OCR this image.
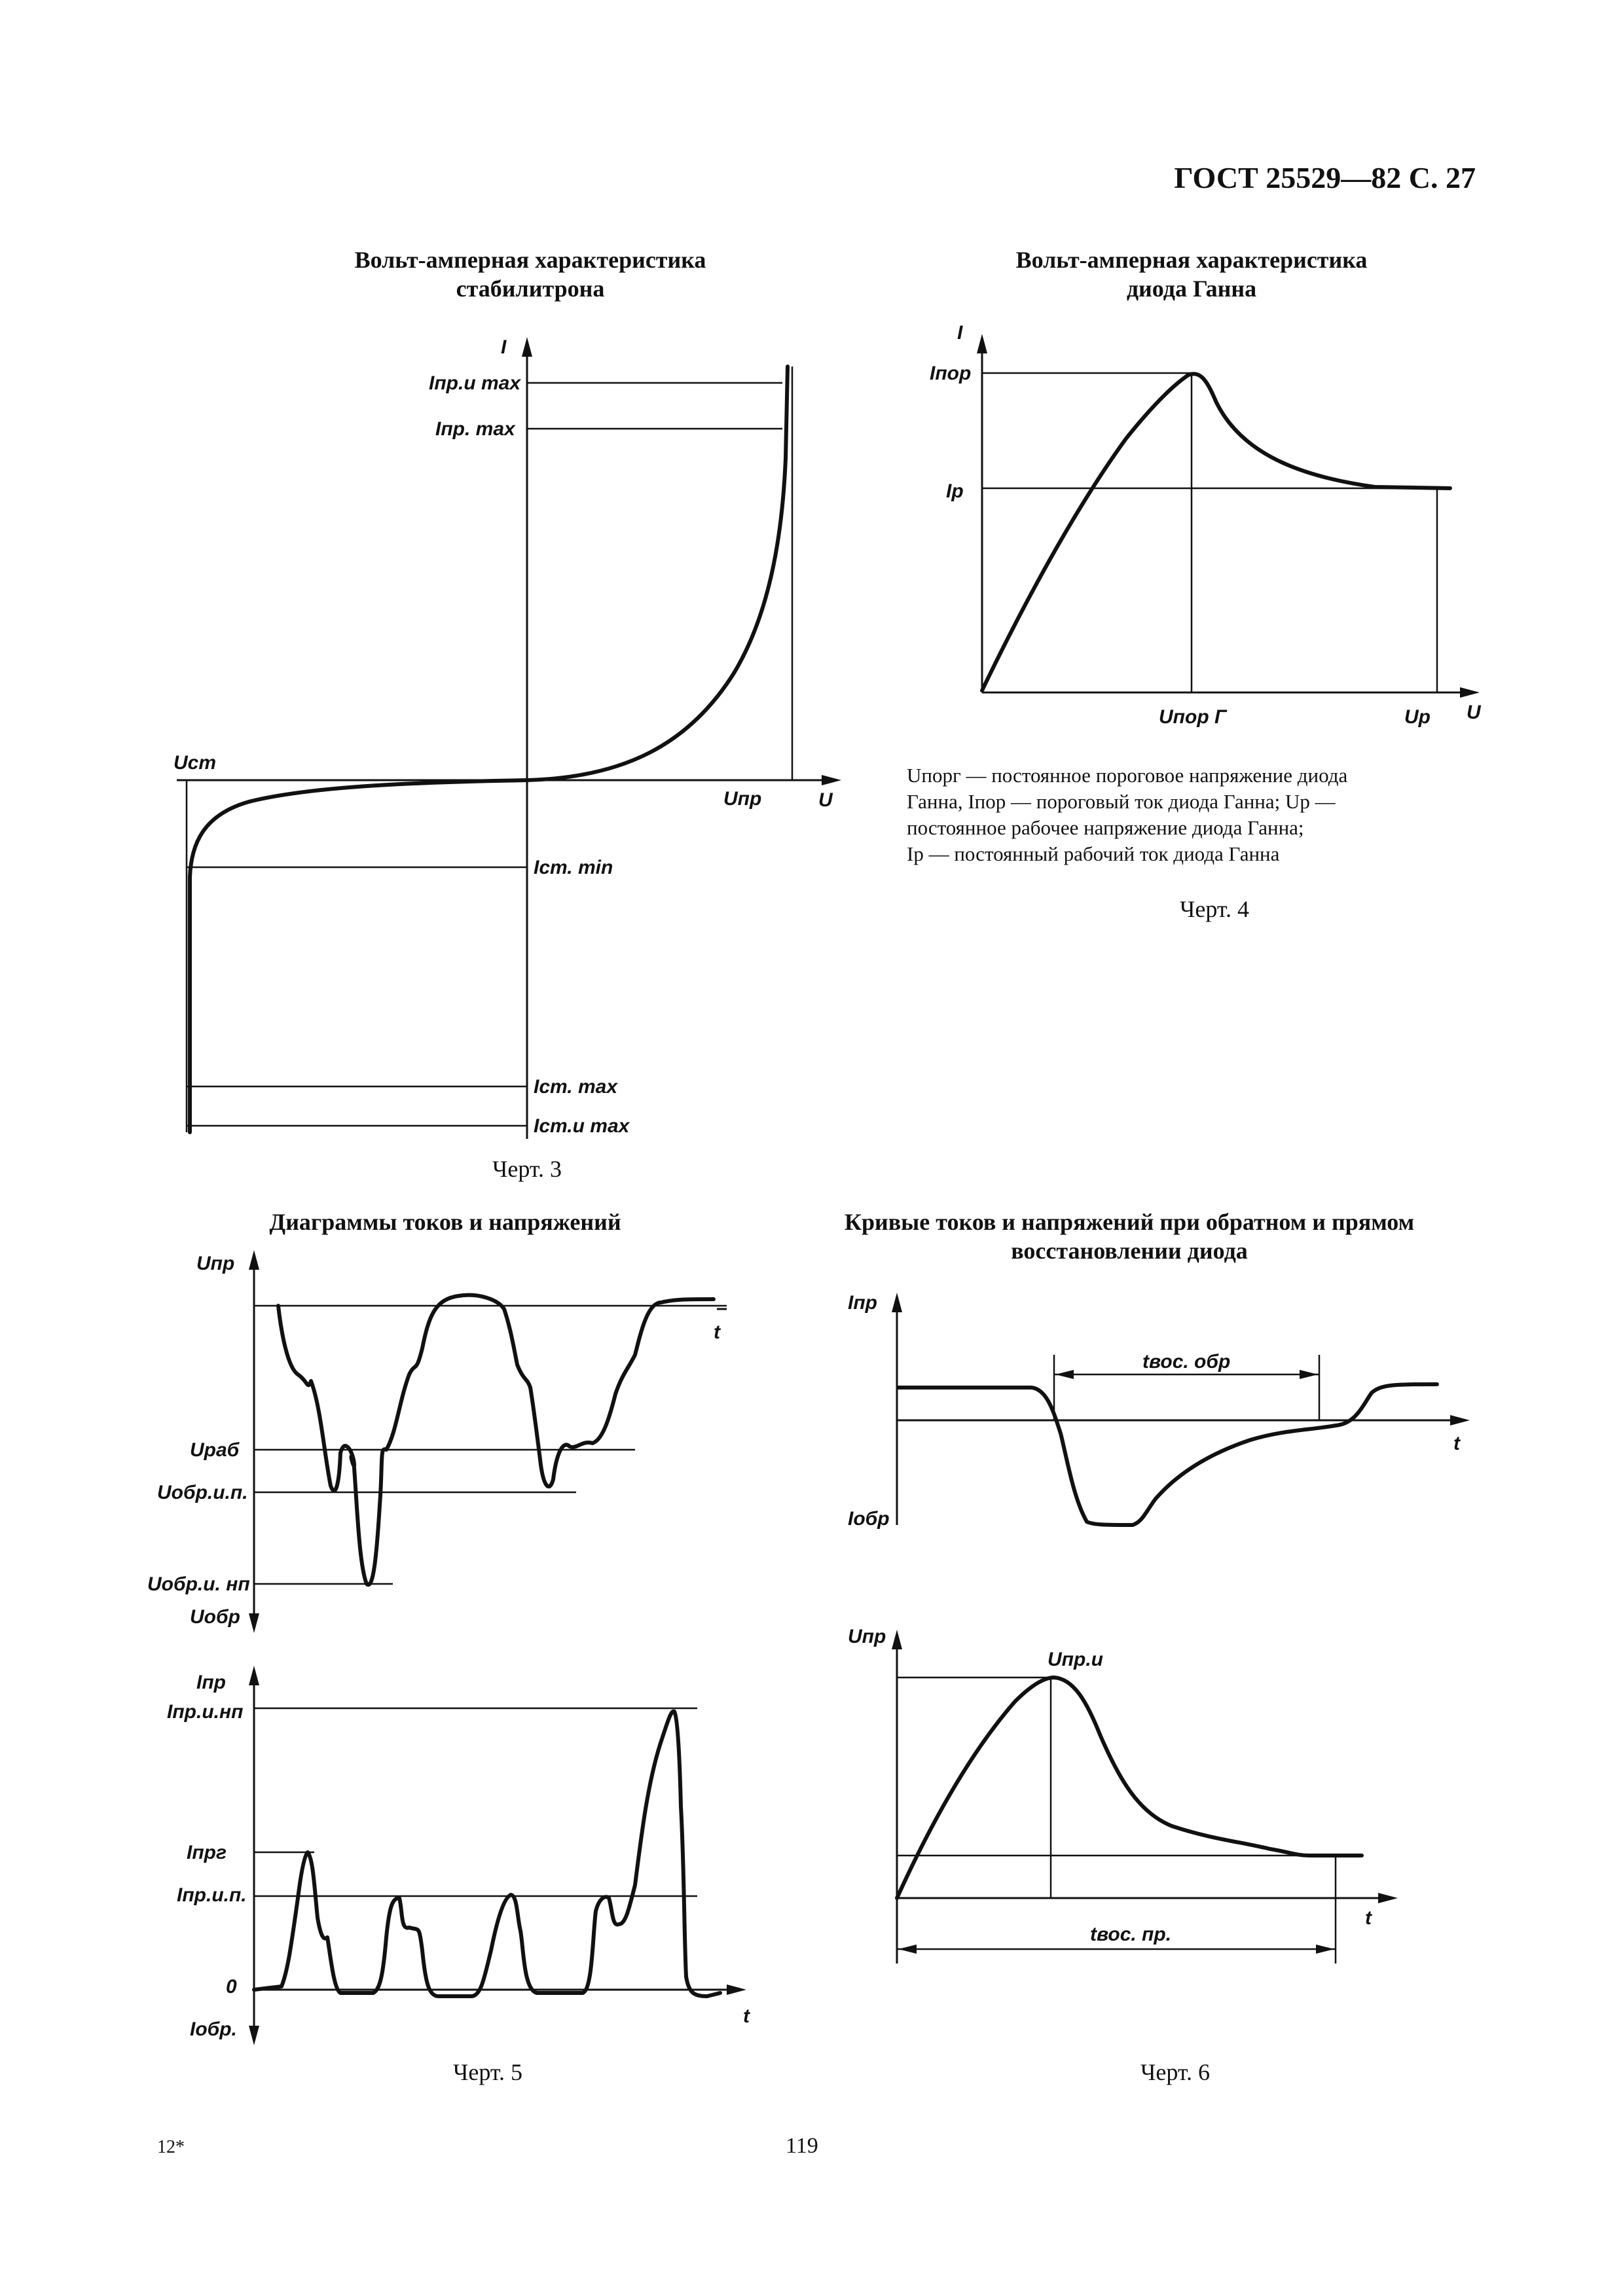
ГОСТ 25529—82 С. 27
Вольт-амперная характеристика
стабилитрона
I
Iпр.и max
Iпр. max
Uст
Uпр	U
Iст. min
Iст. max
Iст.и max
Черт. 3
Вольт-амперная характеристика
диода Ганна
I
Iпор
Iр
Uпор Г	Uр U
Uпорг — постоянное пороговое напряжение диода
Ганна, Iпор — пороговый ток диода Ганна; Uр —
постоянное рабочее напряжение диода Ганна;
Iр — постоянный рабочий ток диода Ганна
Черт. 4
Диаграммы токов и напряжений
Uпр
t
Uраб
Uобр.и.п.
Uобр.и. нп
Uобр
Iпр
Iпр.и.нп
Iпрг
Iпр.и.п.
0
Iобр.
t
Черт. 5
Кривые токов и напряжений при обратном и прямом
восстановлении диода
Iпр
tвос. обр
t
Iобр
Uпр
Uпр.и
t
tвос. пр.
Черт. 6
12*	119
